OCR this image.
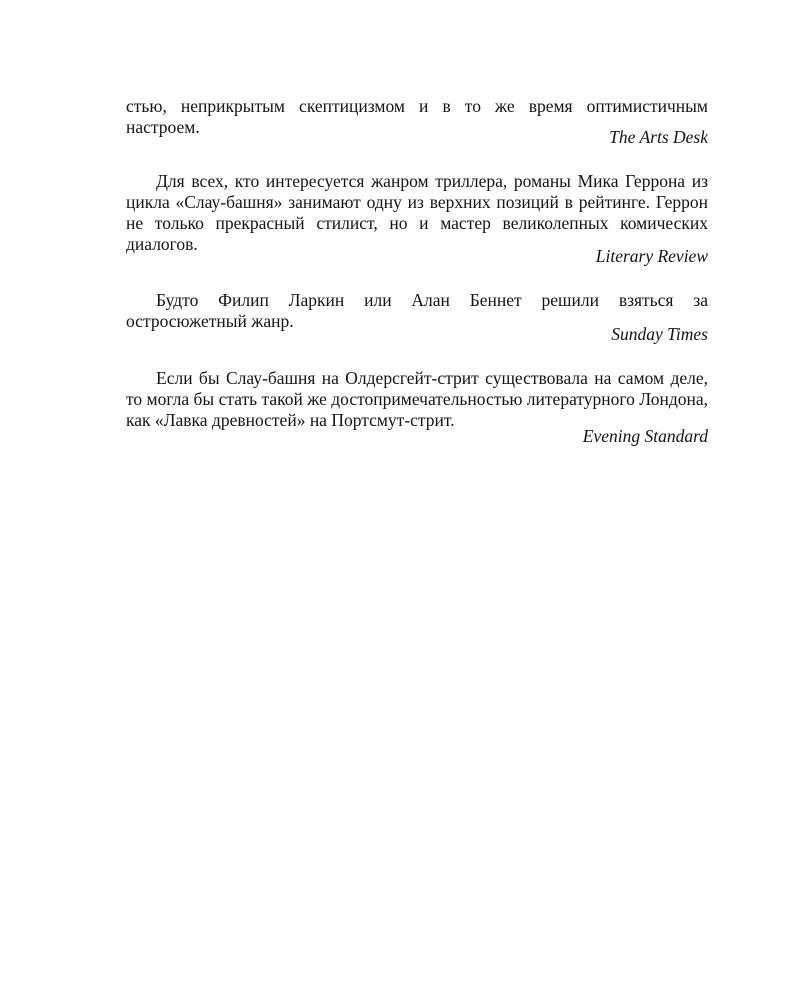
стью, неприкрытым скептицизмом и в то же время оптимистичным настроем.	The Arts Desk

Для всех, кто интересуется жанром триллера, романы Мика Геррона из цикла «Слау-башня» занимают одну из верхних позиций в рейтинге. Геррон не только прекрасный стилист, но и мастер великолепных комических диалогов.

Literary Review

Будто Филип Ларкин или Алан Беннет решили взяться за остросюжетный жанр.

Sunday Times

Если бы Слау-башня на Олдерсгейт-стрит существовала на самом деле, то могла бы стать такой же достопримечательностью литературного Лондона, как «Лавка древностей» на Портсмут-стрит.

Evening Standard
